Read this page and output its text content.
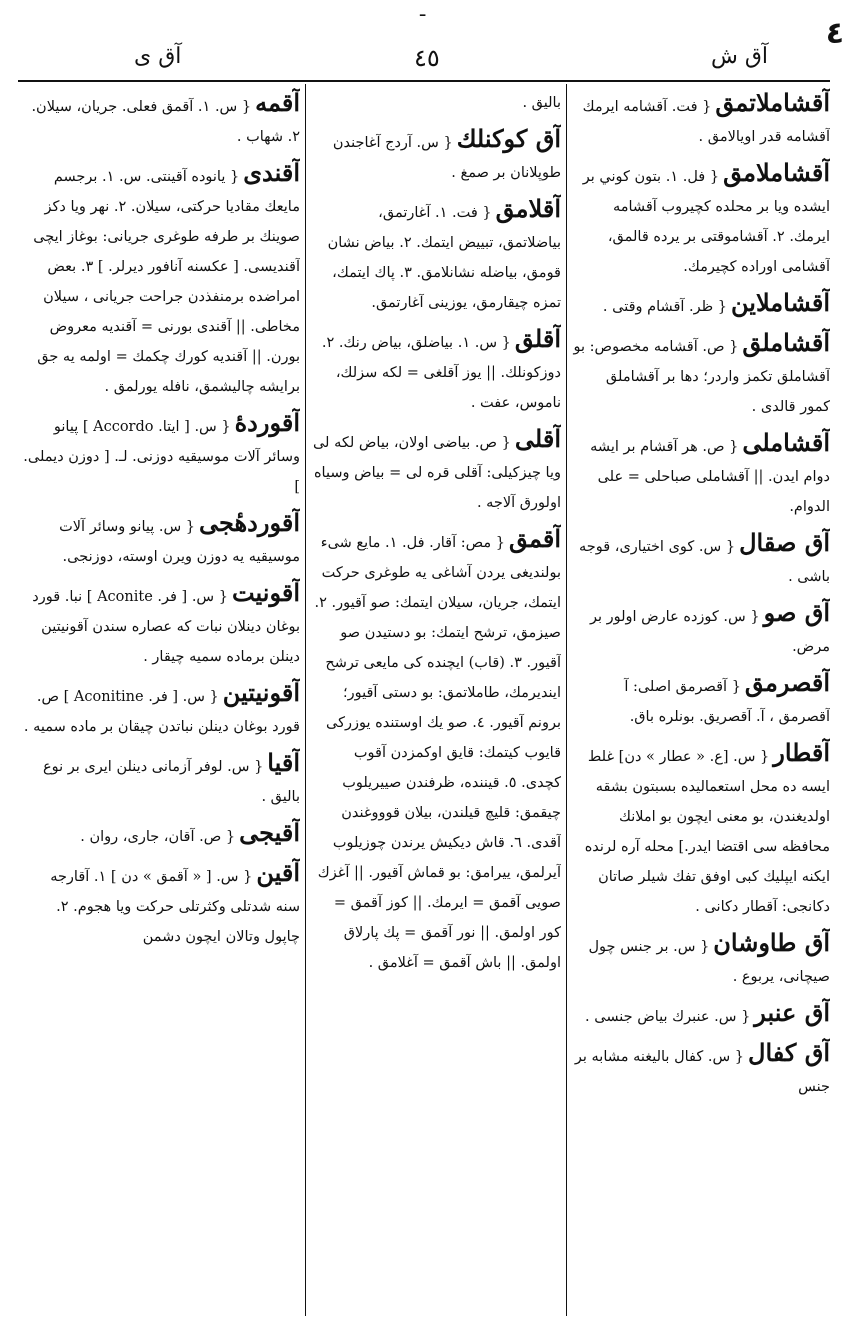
ـ
٤
آق ش
٤٥
آق ی

آقشاملاتمق{ فت. آقشامه ایرمك آقشامه قدر اویالامق .

آقشاملامق{ فل. ١. بتون كوني بر ایشده ویا بر محلده كچیروب آقشامه ایرمك. ٢. آقشاموقتی بر یرده قالمق، آقشامی اوراده كچیرمك.

آقشاملاین{ ظر. آقشام وقتی .

آقشاملق{ ص. آقشامه مخصوص: بو آقشاملق تكمز واردر؛ دها بر آقشاملق كمور قالدی .

آقشاملی{ ص. هر آقشام بر ایشه دوام ایدن. || آقشاملی صباحلی = علی الدوام.

آق صقال{ س. كوی اختیاری، قوجه باشی .

آق صو{ س. كوزده عارض اولور بر مرض.

آقصرمق{ آقصرمق اصلی: آ آقصرمق ، آ. آقصریق. بونلره باق.

آقطار{ س. [ع. « عطار » دن] غلط ایسه ده محل استعمالیده بسبتون بشقه اولدیغندن، بو معنی ایچون بو املانك محافظه سی اقتضا ایدر.] محله آره لرنده ایكنه ایپلیك كبی اوفق تفك شیلر صاتان دكانجی: آقطار دكانی .

آق طاوشان{ س. بر جنس چول صیچانی، یربوع .

آق عنبر{ س. عنبرك بیاض جنسی .

آق كفال{ س. كفال بالیغنه مشابه بر جنس

بالیق .

آق كوكنلك{ س. آردج آغاجندن طوپلانان بر صمغ .

آقلامق{ فت. ١. آغارتمق، بیاضلاتمق، تبییض ایتمك. ٢. بیاض نشان قومق، بیاضله نشانلامق. ٣. پاك ایتمك، تمزه چیقارمق، یوزینی آغارتمق.

آقلق{ س. ١. بیاضلق، بیاض رنك. ٢. دوزكونلك. || یوز آقلغی = لكه سزلك، ناموس، عفت .

آقلی{ ص. بیاضی اولان، بیاض لكه لی ویا چیزكیلی: آقلی قره لی = بیاض وسیاه اولورق آلاجه .

آقمق{ مص: آقار. فل. ١. مایع شیء بولندیغی یردن آشاغی یه طوغری حركت ایتمك، جریان، سیلان ایتمك: صو آقیور. ٢. صیزمق، ترشح ایتمك: بو دستیدن صو آقیور. ٣. (قاب) ایچنده كی مایعی ترشح ایندیرمك، طاملاتمق: بو دستی آقیور؛ برونم آقیور. ٤. صو یك اوستنده یوزركی قایوب كیتمك: قایق اوكمزدن آقوب كچدی. ٥. قیننده، ظرفندن صییریلوب چیقمق: قلیچ قیلندن، بیلان قوووغندن آقدی. ٦. قاش دیكیش یرندن چوزیلوب آیرلمق، ییرامق: بو قماش آقیور. || آغزك صویی آقمق = ایرمك. || كوز آقمق = كور اولمق. || نور آقمق = پك پارلاق اولمق. || باش آقمق = آغلامق .

آقمه{ س. ١. آقمق فعلی. جریان، سیلان. ٢. شهاب .

آقندی{ یانوده آقینتی. س. ١. برجسم مایعك مقادیا حركتی، سیلان. ٢. نهر ویا دكز صوینك بر طرفه طوغری جریانی: بوغاز ایچی آقندیسی. [ عكسنه آنافور دیرلر. ] ٣. بعض امراضده برمنفذدن جراحت جریانی ، سیلان مخاطی. || آقندی بورنی = آقندیه معروض بورن. || آقندیه كورك چكمك = اولمه یه جق برایشه چالیشمق، نافله یورلمق .

آقوردهٔ{ س. [ ایتا. Accordo ] پیانو وسائر آلات موسیقیه دوزنی. لـ. [ دوزن دیملی. ]

آقوردهٔجی{ س. پیانو وسائر آلات موسیقیه یه دوزن ویرن اوسته، دوزنجی.

آقونیت{ س. [ فر. Aconite ] نبا. قورد بوغان دینلان نبات كه عصاره سندن آقونیتین دینلن برماده سمیه چیقار .

آقونیتین{ س. [ فر. Aconitine ] ص. قورد بوغان دینلن نباتدن چیقان بر ماده سمیه .

آقیا{ س. لوفر آزمانی دینلن ایری بر نوع بالیق .

آقیجی{ ص. آقان، جاری، روان .

آقین{ س. [ « آقمق » دن ] ١. آقارجه سنه شدتلی وكثرتلی حركت ویا هجوم. ٢. چاپول وتالان ایچون دشمن
